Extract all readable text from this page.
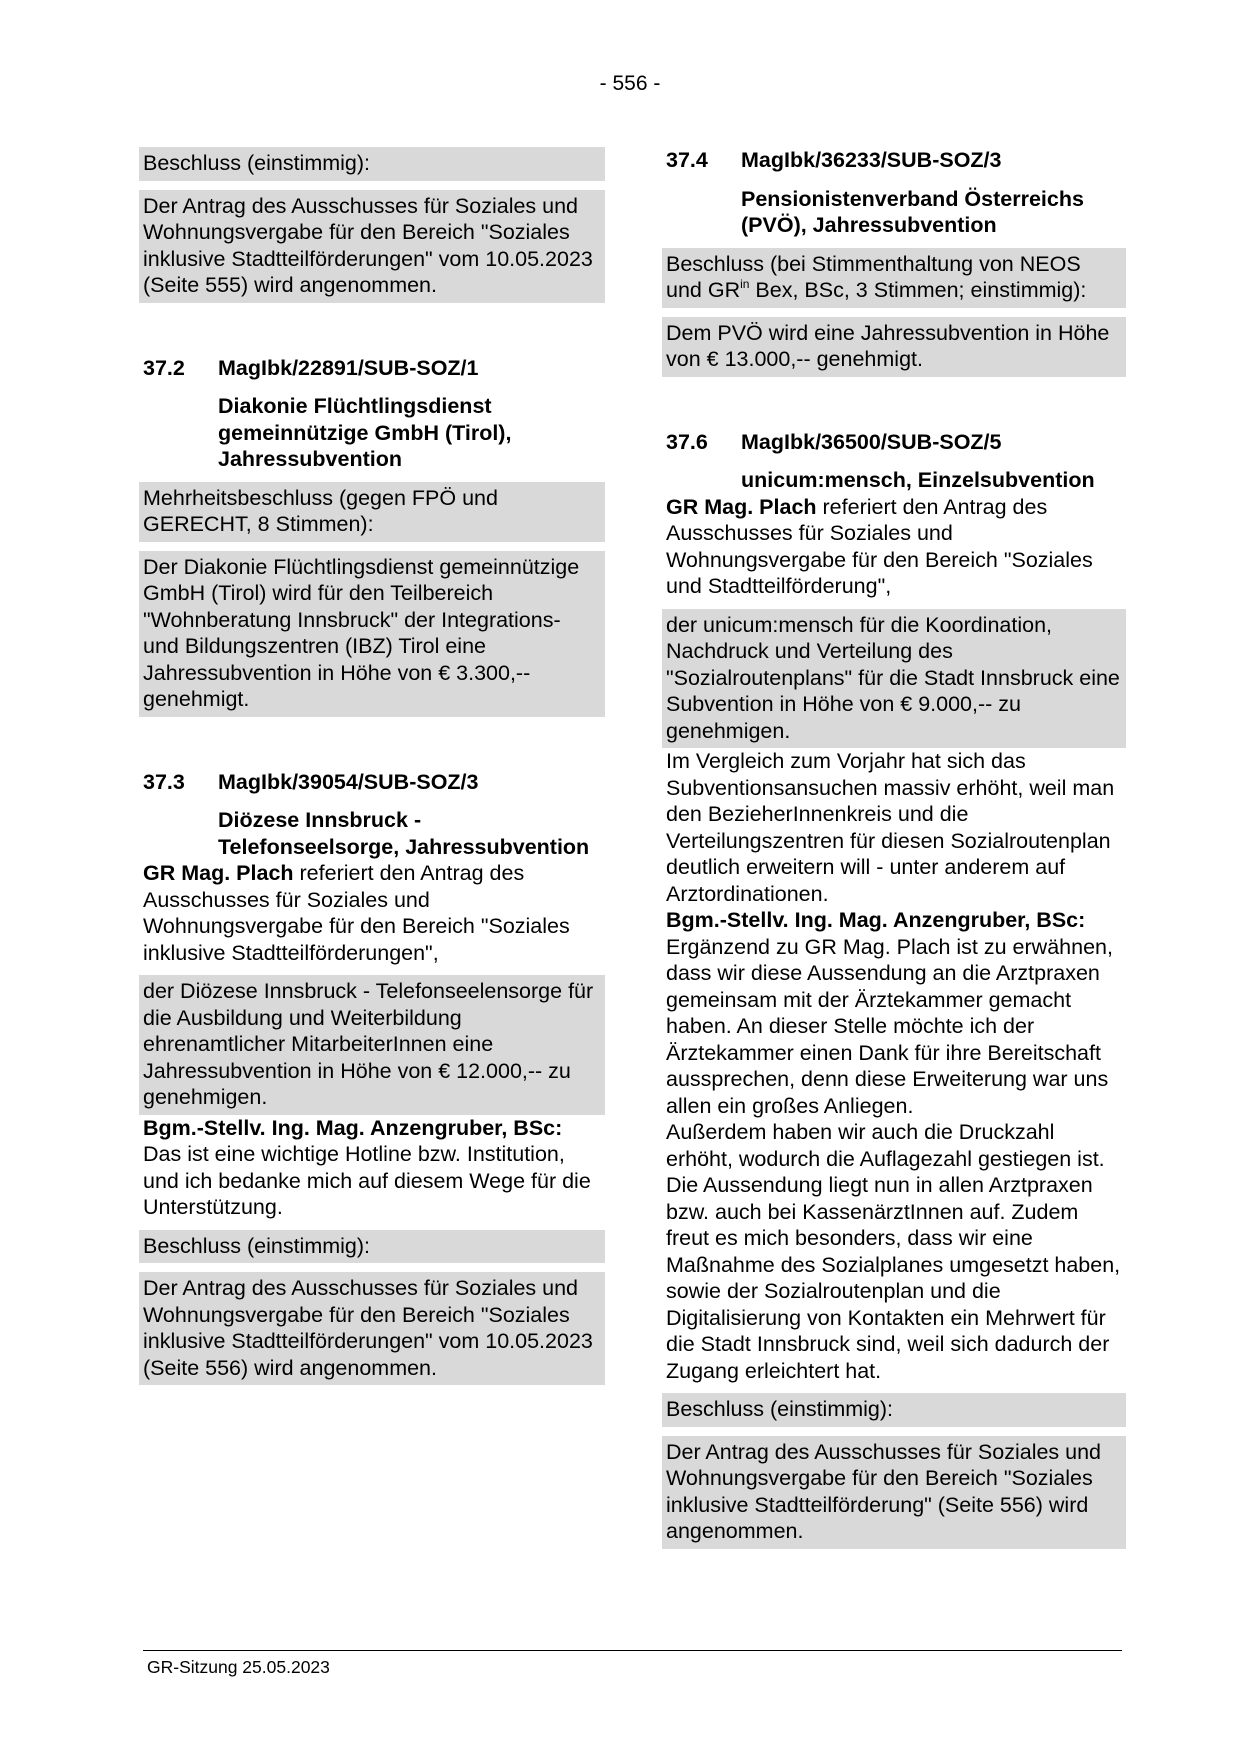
- 556 -

Beschluss (einstimmig):

Der Antrag des Ausschusses für Soziales und Wohnungsvergabe für den Bereich "Soziales inklusive Stadtteilförderungen" vom 10.05.2023 (Seite 555) wird angenommen.

37.2	MagIbk/22891/SUB-SOZ/1
Diakonie Flüchtlingsdienst gemeinnützige GmbH (Tirol), Jahressubvention

Mehrheitsbeschluss (gegen FPÖ und GERECHT, 8 Stimmen):

Der Diakonie Flüchtlingsdienst gemeinnützige GmbH (Tirol) wird für den Teilbereich "Wohnberatung Innsbruck" der Integrations- und Bildungszentren (IBZ) Tirol eine Jahressubvention in Höhe von € 3.300,-- genehmigt.

37.3	MagIbk/39054/SUB-SOZ/3
Diözese Innsbruck - Telefonseelsorge, Jahressubvention

GR Mag. Plach referiert den Antrag des Ausschusses für Soziales und Wohnungsvergabe für den Bereich "Soziales inklusive Stadtteilförderungen",

der Diözese Innsbruck - Telefonseelensorge für die Ausbildung und Weiterbildung ehrenamtlicher MitarbeiterInnen eine Jahressubvention in Höhe von € 12.000,-- zu genehmigen.

Bgm.-Stellv. Ing. Mag. Anzengruber, BSc: Das ist eine wichtige Hotline bzw. Institution, und ich bedanke mich auf diesem Wege für die Unterstützung.

Beschluss (einstimmig):

Der Antrag des Ausschusses für Soziales und Wohnungsvergabe für den Bereich "Soziales inklusive Stadtteilförderungen" vom 10.05.2023 (Seite 556) wird angenommen.

37.4	MagIbk/36233/SUB-SOZ/3
Pensionistenverband Österreichs (PVÖ), Jahressubvention

Beschluss (bei Stimmenthaltung von NEOS und $GR^{in}$ Bex, BSc, 3 Stimmen; einstimmig):

Dem PVÖ wird eine Jahressubvention in Höhe von € 13.000,-- genehmigt.

37.6	MagIbk/36500/SUB-SOZ/5
unicum:mensch, Einzelsubvention

GR Mag. Plach referiert den Antrag des Ausschusses für Soziales und Wohnungsvergabe für den Bereich "Soziales und Stadtteilförderung",

der unicum:mensch für die Koordination, Nachdruck und Verteilung des "Sozialroutenplans" für die Stadt Innsbruck eine Subvention in Höhe von € 9.000,-- zu genehmigen.

Im Vergleich zum Vorjahr hat sich das Subventionsansuchen massiv erhöht, weil man den BezieherInnenkreis und die Verteilungszentren für diesen Sozialroutenplan deutlich erweitern will - unter anderem auf Arztordinationen.

Bgm.-Stellv. Ing. Mag. Anzengruber, BSc: Ergänzend zu GR Mag. Plach ist zu erwähnen, dass wir diese Aussendung an die Arztpraxen gemeinsam mit der Ärztekammer gemacht haben. An dieser Stelle möchte ich der Ärztekammer einen Dank für ihre Bereitschaft aussprechen, denn diese Erweiterung war uns allen ein großes Anliegen.

Außerdem haben wir auch die Druckzahl erhöht, wodurch die Auflagezahl gestiegen ist. Die Aussendung liegt nun in allen Arztpraxen bzw. auch bei KassenärztInnen auf. Zudem freut es mich besonders, dass wir eine Maßnahme des Sozialplanes umgesetzt haben, sowie der Sozialroutenplan und die Digitalisierung von Kontakten ein Mehrwert für die Stadt Innsbruck sind, weil sich dadurch der Zugang erleichtert hat.

Beschluss (einstimmig):

Der Antrag des Ausschusses für Soziales und Wohnungsvergabe für den Bereich "Soziales inklusive Stadtteilförderung" (Seite 556) wird angenommen.

GR-Sitzung 25.05.2023
